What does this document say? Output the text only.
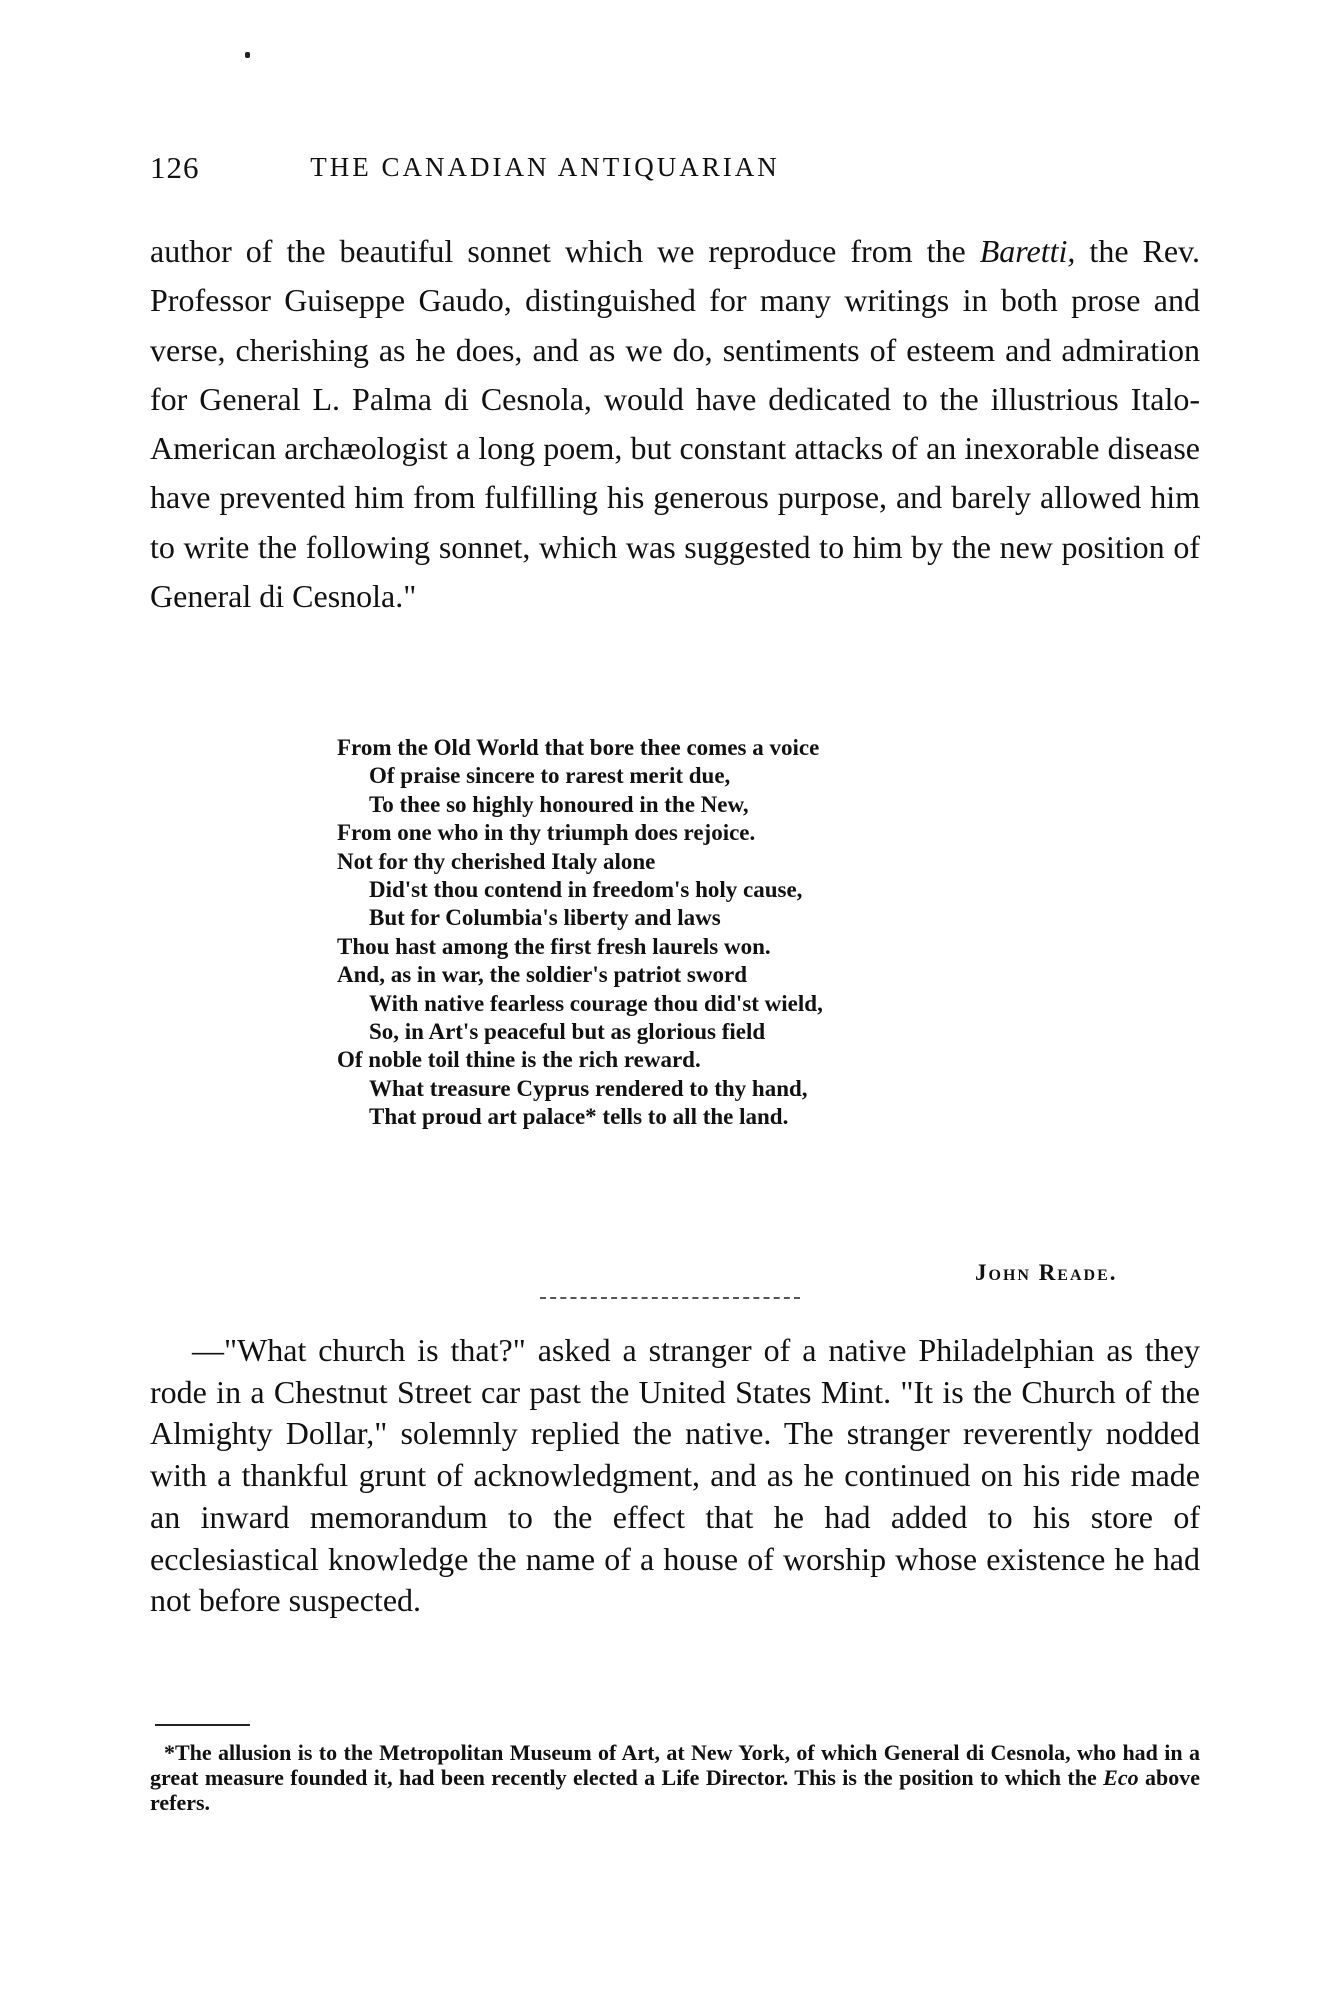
126	THE CANADIAN ANTIQUARIAN

author of the beautiful sonnet which we reproduce from the Baretti, the Rev. Professor Guiseppe Gaudo, distinguished for many writings in both prose and verse, cherishing as he does, and as we do, sentiments of esteem and admiration for General L. Palma di Cesnola, would have dedicated to the illustrious Italo-American archæologist a long poem, but constant attacks of an inexorable disease have prevented him from fulfilling his generous purpose, and barely allowed him to write the following sonnet, which was suggested to him by the new position of General di Cesnola."

From the Old World that bore thee comes a voice
Of praise sincere to rarest merit due,
To thee so highly honoured in the New,
From one who in thy triumph does rejoice.
Not for thy cherished Italy alone
Did'st thou contend in freedom's holy cause,
But for Columbia's liberty and laws
Thou hast among the first fresh laurels won.
And, as in war, the soldier's patriot sword
With native fearless courage thou did'st wield,
So, in Art's peaceful but as glorious field
Of noble toil thine is the rich reward.
What treasure Cyprus rendered to thy hand,
That proud art palace* tells to all the land.
John Reade.

—"What church is that?" asked a stranger of a native Philadelphian as they rode in a Chestnut Street car past the United States Mint. "It is the Church of the Almighty Dollar," solemnly replied the native. The stranger reverently nodded with a thankful grunt of acknowledgment, and as he continued on his ride made an inward memorandum to the effect that he had added to his store of ecclesiastical knowledge the name of a house of worship whose existence he had not before suspected.

*The allusion is to the Metropolitan Museum of Art, at New York, of which General di Cesnola, who had in a great measure founded it, had been recently elected a Life Director. This is the position to which the Eco above refers.
